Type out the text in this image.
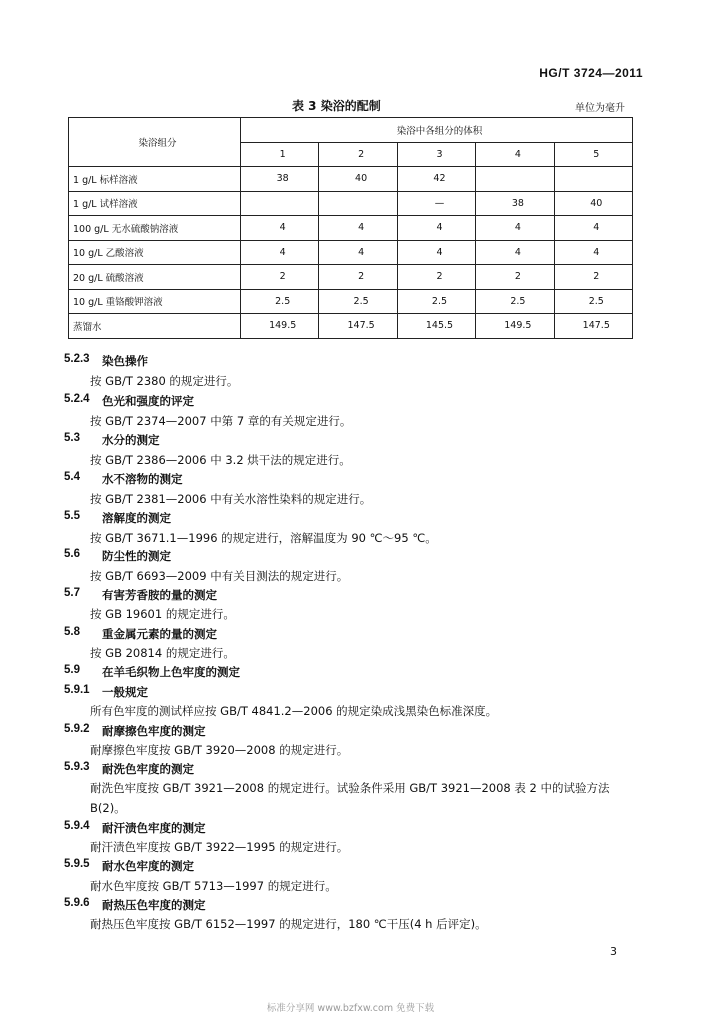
HG/T 3724—2011
表 3 染浴的配制	单位为毫升
染浴组分	染浴中各组分的体积				
	1	2	3	4	5
1 g/L 标样溶液	38	40	42		
1 g/L 试样溶液			—	38	40
100 g/L 无水硫酸钠溶液	4	4	4	4	4
10 g/L 乙酸溶液	4	4	4	4	4
20 g/L 硫酸溶液	2	2	2	2	2
10 g/L 重铬酸钾溶液	2.5	2.5	2.5	2.5	2.5
蒸馏水	149.5	147.5	145.5	149.5	147.5
5.2.3 染色操作
按 GB/T 2380 的规定进行。
5.2.4 色光和强度的评定
按 GB/T 2374—2007 中第 7 章的有关规定进行。
5.3 水分的测定
按 GB/T 2386—2006 中 3.2 烘干法的规定进行。
5.4 水不溶物的测定
按 GB/T 2381—2006 中有关水溶性染料的规定进行。
5.5 溶解度的测定
按 GB/T 3671.1—1996 的规定进行，溶解温度为 90 ℃～95 ℃。
5.6 防尘性的测定
按 GB/T 6693—2009 中有关目测法的规定进行。
5.7 有害芳香胺的量的测定
按 GB 19601 的规定进行。
5.8 重金属元素的量的测定
按 GB 20814 的规定进行。
5.9 在羊毛织物上色牢度的测定
5.9.1 一般规定
所有色牢度的测试样应按 GB/T 4841.2—2006 的规定染成浅黑染色标准深度。
5.9.2 耐摩擦色牢度的测定
耐摩擦色牢度按 GB/T 3920—2008 的规定进行。
5.9.3 耐洗色牢度的测定
耐洗色牢度按 GB/T 3921—2008 的规定进行。试验条件采用 GB/T 3921—2008 表 2 中的试验方法 B(2)。
5.9.4 耐汗渍色牢度的测定
耐汗渍色牢度按 GB/T 3922—1995 的规定进行。
5.9.5 耐水色牢度的测定
耐水色牢度按 GB/T 5713—1997 的规定进行。
5.9.6 耐热压色牢度的测定
耐热压色牢度按 GB/T 6152—1997 的规定进行，180 ℃干压(4 h 后评定)。
3
标准分享网 www.bzfxw.com 免费下载
